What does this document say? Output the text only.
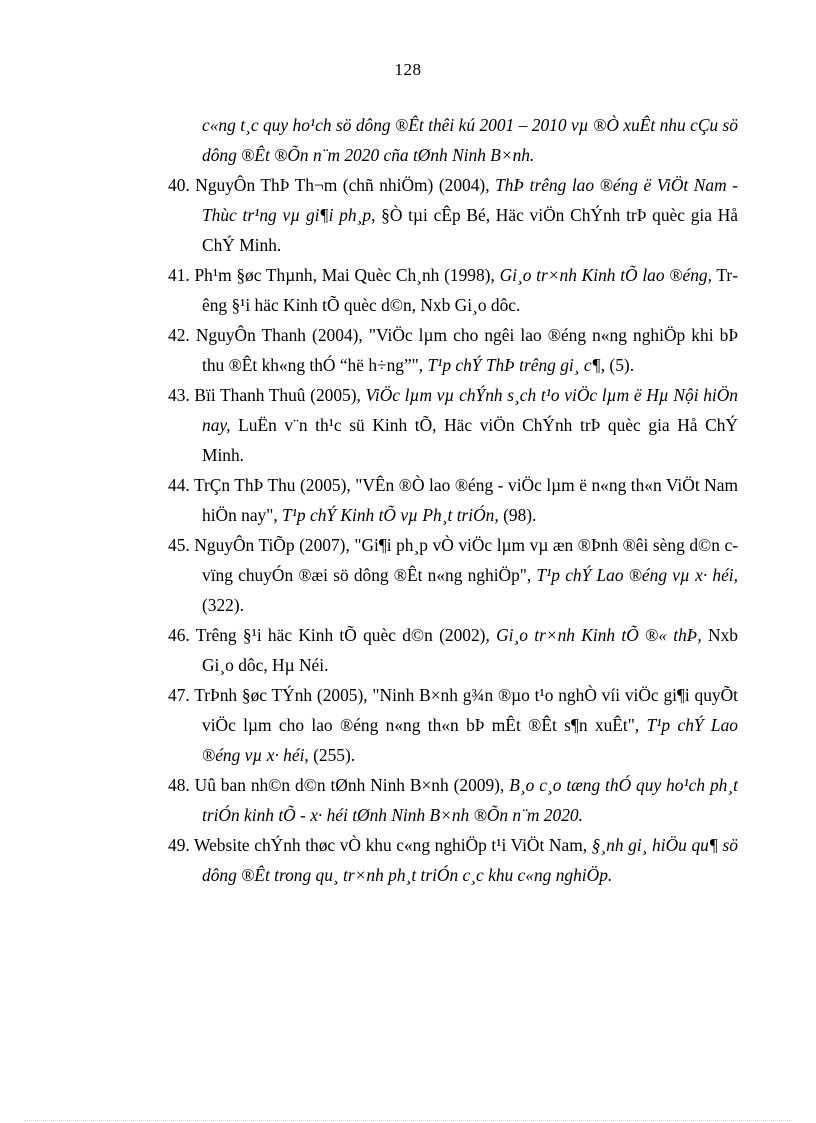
128
c«ng t¸c quy ho¹ch sö dông ®Êt thêi kú 2001 – 2010 vµ ®Ò xuÊt nhu cÇu sö dông ®Êt ®Õn n¨m 2020 cña tØnh Ninh B×nh.
40. NguyÔn ThÞ Th¬m (chñ nhiÖm) (2004), ThÞ trêng lao ®éng ë ViÖt Nam - Thùc tr¹ng vµ gi¶i ph¸p, §Ò tµi cÊp Bé, Häc viÖn ChÝnh trÞ quèc gia Hå ChÝ Minh.
41. Ph¹m §øc Thµnh, Mai Quèc Ch¸nh (1998), Gi¸o tr×nh Kinh tÕ lao ®éng, Trêng §¹i häc Kinh tÕ quèc d©n, Nxb Gi¸o dôc.
42. NguyÔn Thanh (2004), "ViÖc lµm cho ngêi lao ®éng n«ng nghiÖp khi bÞ thu ®Êt kh«ng thÓ “hë h÷ng”", T¹p chÝ ThÞ trêng gi¸ c¶, (5).
43. Bïi Thanh Thuû (2005), ViÖc lµm vµ chÝnh s¸ch t¹o viÖc lµm ë Hµ Nội hiÖn nay, LuËn v¨n th¹c sü Kinh tÕ, Häc viÖn ChÝnh trÞ quèc gia Hå ChÝ Minh.
44. TrÇn ThÞ Thu (2005), "VÊn ®Ò lao ®éng - viÖc lµm ë n«ng th«n ViÖt Nam hiÖn nay", T¹p chÝ Kinh tÕ vµ Ph¸t triÓn, (98).
45. NguyÔn TiÕp (2007), "Gi¶i ph¸p vÒ viÖc lµm vµ æn ®Þnh ®êi sèng d©n c vïng chuyÓn ®æi sö dông ®Êt n«ng nghiÖp", T¹p chÝ Lao ®éng vµ x· héi, (322).
46. Trêng §¹i häc Kinh tÕ quèc d©n (2002), Gi¸o tr×nh Kinh tÕ ®« thÞ, Nxb Gi¸o dôc, Hµ Néi.
47. TrÞnh §øc TÝnh (2005), "Ninh B×nh g¾n ®µo t¹o nghÒ víi viÖc gi¶i quyÕt viÖc lµm cho lao ®éng n«ng th«n bÞ mÊt ®Êt s¶n xuÊt", T¹p chÝ Lao ®éng vµ x· héi, (255).
48. Uû ban nh©n d©n tØnh Ninh B×nh (2009), B¸o c¸o tæng thÓ quy ho¹ch ph¸t triÓn kinh tÕ - x· héi tØnh Ninh B×nh ®Õn n¨m 2020.
49. Website chÝnh thøc vÒ khu c«ng nghiÖp t¹i ViÖt Nam, §¸nh gi¸ hiÖu qu¶ sö dông ®Êt trong qu¸ tr×nh ph¸t triÓn c¸c khu c«ng nghiÖp.
